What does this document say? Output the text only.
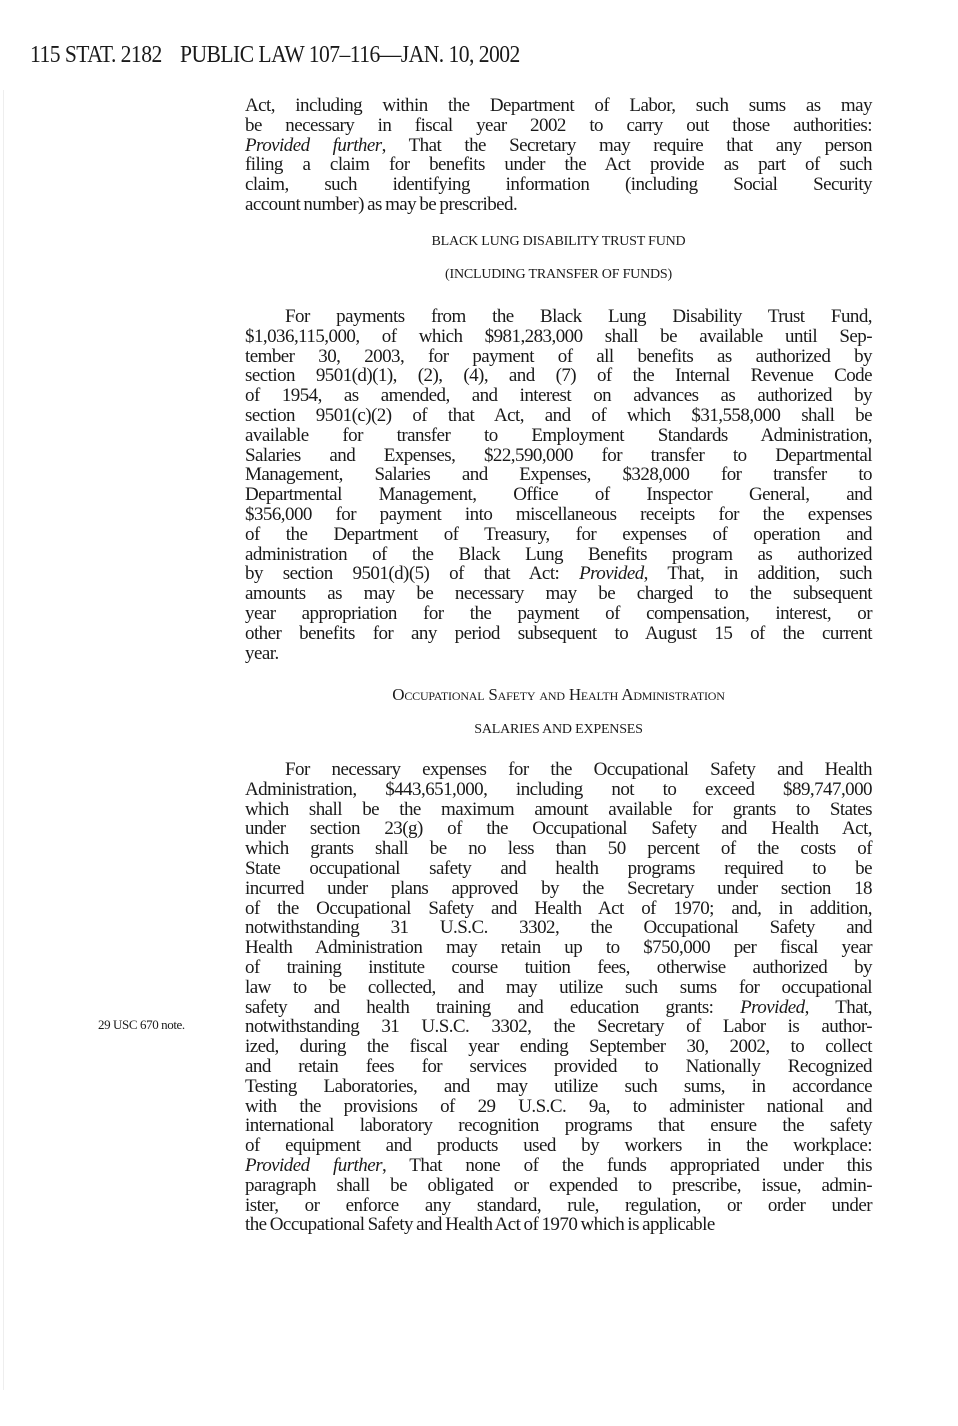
115 STAT. 2182 PUBLIC LAW 107–116—JAN. 10, 2002
Act, including within the Department of Labor, such sums as may
be necessary in fiscal year 2002 to carry out those authorities:
Provided further, That the Secretary may require that any person
filing a claim for benefits under the Act provide as part of such
claim, such identifying information (including Social Security
account number) as may be prescribed.
BLACK LUNG DISABILITY TRUST FUND
(INCLUDING TRANSFER OF FUNDS)
For payments from the Black Lung Disability Trust Fund,
$1,036,115,000, of which $981,283,000 shall be available until Sep-
tember 30, 2003, for payment of all benefits as authorized by
section 9501(d)(1), (2), (4), and (7) of the Internal Revenue Code
of 1954, as amended, and interest on advances as authorized by
section 9501(c)(2) of that Act, and of which $31,558,000 shall be
available for transfer to Employment Standards Administration,
Salaries and Expenses, $22,590,000 for transfer to Departmental
Management, Salaries and Expenses, $328,000 for transfer to
Departmental Management, Office of Inspector General, and
$356,000 for payment into miscellaneous receipts for the expenses
of the Department of Treasury, for expenses of operation and
administration of the Black Lung Benefits program as authorized
by section 9501(d)(5) of that Act: Provided, That, in addition, such
amounts as may be necessary may be charged to the subsequent
year appropriation for the payment of compensation, interest, or
other benefits for any period subsequent to August 15 of the current
year.
Occupational Safety and Health Administration
SALARIES AND EXPENSES
For necessary expenses for the Occupational Safety and Health
Administration, $443,651,000, including not to exceed $89,747,000
which shall be the maximum amount available for grants to States
under section 23(g) of the Occupational Safety and Health Act,
which grants shall be no less than 50 percent of the costs of
State occupational safety and health programs required to be
incurred under plans approved by the Secretary under section 18
of the Occupational Safety and Health Act of 1970; and, in addition,
notwithstanding 31 U.S.C. 3302, the Occupational Safety and
Health Administration may retain up to $750,000 per fiscal year
of training institute course tuition fees, otherwise authorized by
law to be collected, and may utilize such sums for occupational
safety and health training and education grants: Provided, That,
notwithstanding 31 U.S.C. 3302, the Secretary of Labor is author-
ized, during the fiscal year ending September 30, 2002, to collect
and retain fees for services provided to Nationally Recognized
Testing Laboratories, and may utilize such sums, in accordance
with the provisions of 29 U.S.C. 9a, to administer national and
international laboratory recognition programs that ensure the safety
of equipment and products used by workers in the workplace:
Provided further, That none of the funds appropriated under this
paragraph shall be obligated or expended to prescribe, issue, admin-
ister, or enforce any standard, rule, regulation, or order under
the Occupational Safety and Health Act of 1970 which is applicable
29 USC 670 note.
